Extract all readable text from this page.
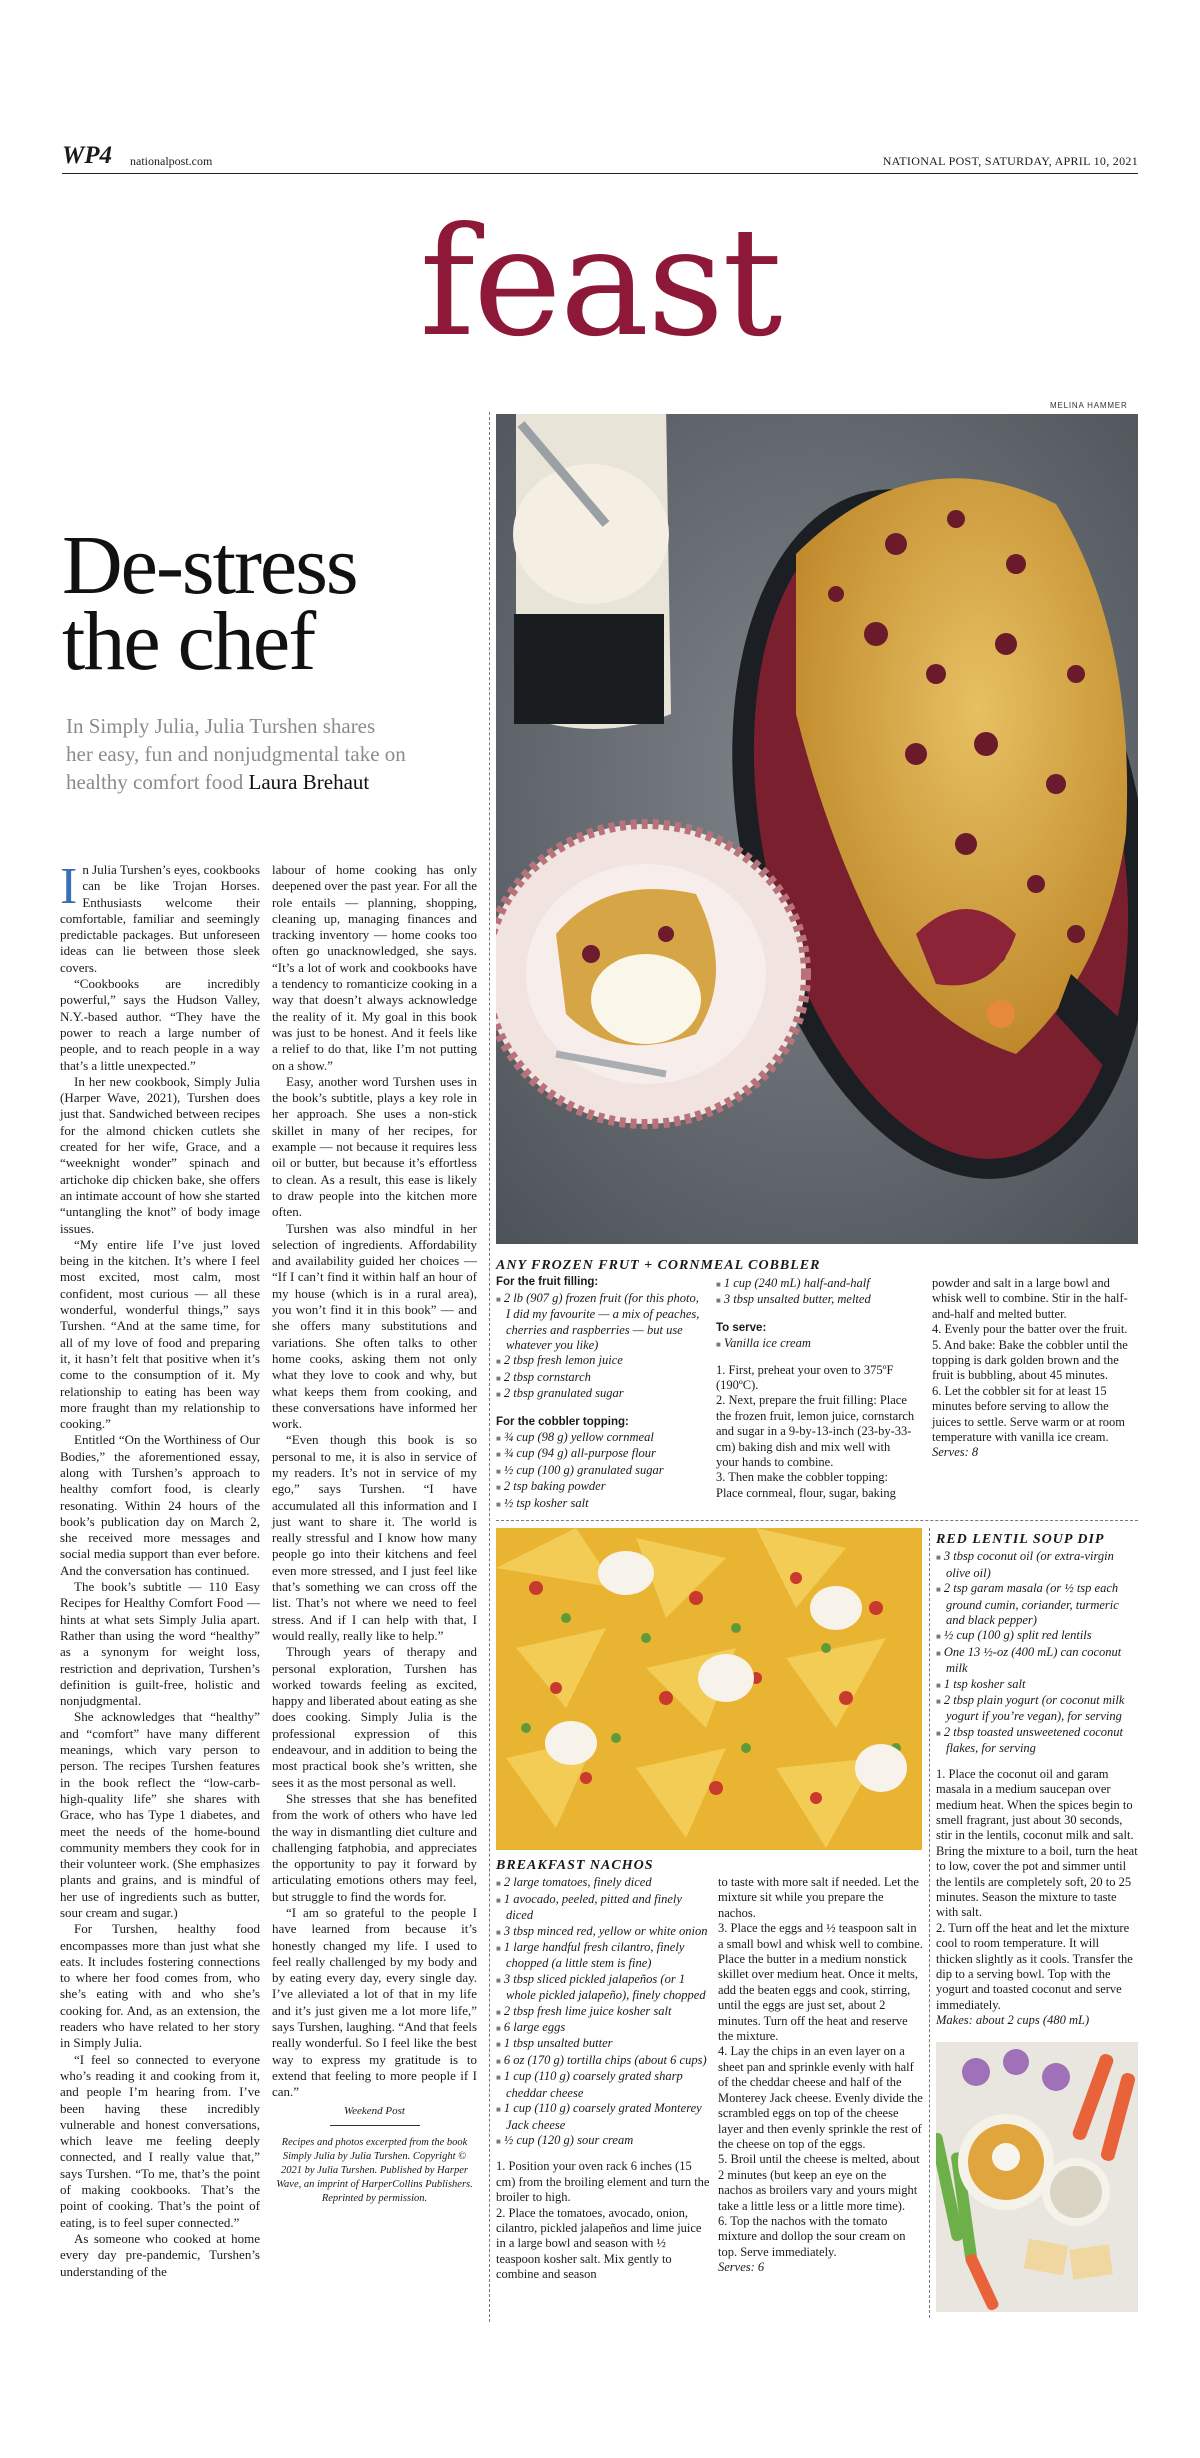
WP4 nationalpost.com	NATIONAL POST, SATURDAY, APRIL 10, 2021
feast
MELINA HAMMER
De-stress
the chef
In Simply Julia, Julia Turshen shares her easy, fun and nonjudgmental take on healthy comfort food Laura Brehaut

In Julia Turshen’s eyes, cookbooks can be like Trojan Horses. Enthusiasts welcome their comfortable, familiar and seemingly predictable packages. But unforeseen ideas can lie between those sleek covers.

“Cookbooks are incredibly powerful,” says the Hudson Valley, N.Y.-based author. “They have the power to reach a large number of people, and to reach people in a way that’s a little unexpected.”

In her new cookbook, Simply Julia (Harper Wave, 2021), Turshen does just that. Sandwiched between recipes for the almond chicken cutlets she created for her wife, Grace, and a “weeknight wonder” spinach and artichoke dip chicken bake, she offers an intimate account of how she started “untangling the knot” of body image issues.

“My entire life I’ve just loved being in the kitchen. It’s where I feel most excited, most calm, most confident, most curious — all these wonderful, wonderful things,” says Turshen. “And at the same time, for all of my love of food and preparing it, it hasn’t felt that positive when it’s come to the consumption of it. My relationship to eating has been way more fraught than my relationship to cooking.”

Entitled “On the Worthiness of Our Bodies,” the aforementioned essay, along with Turshen’s approach to healthy comfort food, is clearly resonating. Within 24 hours of the book’s publication day on March 2, she received more messages and social media support than ever before. And the conversation has continued.

The book’s subtitle — 110 Easy Recipes for Healthy Comfort Food — hints at what sets Simply Julia apart. Rather than using the word “healthy” as a synonym for weight loss, restriction and deprivation, Turshen’s definition is guilt-free, holistic and nonjudgmental.

She acknowledges that “healthy” and “comfort” have many different meanings, which vary person to person. The recipes Turshen features in the book reflect the “low-carb-high-quality life” she shares with Grace, who has Type 1 diabetes, and meet the needs of the home-bound community members they cook for in their volunteer work. (She emphasizes plants and grains, and is mindful of her use of ingredients such as butter, sour cream and sugar.)

For Turshen, healthy food encompasses more than just what she eats. It includes fostering connections to where her food comes from, who she’s eating with and who she’s cooking for. And, as an extension, the readers who have related to her story in Simply Julia.

“I feel so connected to everyone who’s reading it and cooking from it, and people I’m hearing from. I’ve been having these incredibly vulnerable and honest conversations, which leave me feeling deeply connected, and I really value that,” says Turshen. “To me, that’s the point of making cookbooks. That’s the point of cooking. That’s the point of eating, is to feel super connected.”

As someone who cooked at home every day pre-pandemic, Turshen’s understanding of the

labour of home cooking has only deepened over the past year. For all the role entails — planning, shopping, cleaning up, managing finances and tracking inventory — home cooks too often go unacknowledged, she says. “It’s a lot of work and cookbooks have a tendency to romanticize cooking in a way that doesn’t always acknowledge the reality of it. My goal in this book was just to be honest. And it feels like a relief to do that, like I’m not putting on a show.”

Easy, another word Turshen uses in the book’s subtitle, plays a key role in her approach. She uses a non-stick skillet in many of her recipes, for example — not because it requires less oil or butter, but because it’s effortless to clean. As a result, this ease is likely to draw people into the kitchen more often.

Turshen was also mindful in her selection of ingredients. Affordability and availability guided her choices — “If I can’t find it within half an hour of my house (which is in a rural area), you won’t find it in this book” — and she offers many substitutions and variations. She often talks to other home cooks, asking them not only what they love to cook and why, but what keeps them from cooking, and these conversations have informed her work.

“Even though this book is so personal to me, it is also in service of my readers. It’s not in service of my ego,” says Turshen. “I have accumulated all this information and I just want to share it. The world is really stressful and I know how many people go into their kitchens and feel even more stressed, and I just feel like that’s something we can cross off the list. That’s not where we need to feel stress. And if I can help with that, I would really, really like to help.”

Through years of therapy and personal exploration, Turshen has worked towards feeling as excited, happy and liberated about eating as she does cooking. Simply Julia is the professional expression of this endeavour, and in addition to being the most practical book she’s written, she sees it as the most personal as well.

She stresses that she has benefited from the work of others who have led the way in dismantling diet culture and challenging fatphobia, and appreciates the opportunity to pay it forward by articulating emotions others may feel, but struggle to find the words for.

“I am so grateful to the people I have learned from because it’s honestly changed my life. I used to feel really challenged by my body and by eating every day, every single day. I’ve alleviated a lot of that in my life and it’s just given me a lot more life,” says Turshen, laughing. “And that feels really wonderful. So I feel like the best way to express my gratitude is to extend that feeling to more people if I can.”

Weekend Post

Recipes and photos excerpted from the book Simply Julia by Julia Turshen. Copyright © 2021 by Julia Turshen. Published by Harper Wave, an imprint of HarperCollins Publishers. Reprinted by permission.

ANY FROZEN FRUT + CORNMEAL COBBLER
For the fruit filling:
■ 2 lb (907 g) frozen fruit (for this photo, I did my favourite — a mix of peaches, cherries and raspberries — but use whatever you like)
■ 2 tbsp fresh lemon juice
■ 2 tbsp cornstarch
■ 2 tbsp granulated sugar
For the cobbler topping:
■ ¾ cup (98 g) yellow cornmeal
■ ¾ cup (94 g) all-purpose flour
■ ½ cup (100 g) granulated sugar
■ 2 tsp baking powder
■ ½ tsp kosher salt
■ 1 cup (240 mL) half-and-half
■ 3 tbsp unsalted butter, melted
To serve:
■ Vanilla ice cream
1. First, preheat your oven to 375ºF (190ºC).
2. Next, prepare the fruit filling: Place the frozen fruit, lemon juice, cornstarch and sugar in a 9-by-13-inch (23-by-33-cm) baking dish and mix well with your hands to combine.
3. Then make the cobbler topping: Place cornmeal, flour, sugar, baking
powder and salt in a large bowl and whisk well to combine. Stir in the half-and-half and melted butter.
4. Evenly pour the batter over the fruit.
5. And bake: Bake the cobbler until the topping is dark golden brown and the fruit is bubbling, about 45 minutes.
6. Let the cobbler sit for at least 15 minutes before serving to allow the juices to settle. Serve warm or at room temperature with vanilla ice cream.
Serves: 8
BREAKFAST NACHOS
■ 2 large tomatoes, finely diced
■ 1 avocado, peeled, pitted and finely diced
■ 3 tbsp minced red, yellow or white onion
■ 1 large handful fresh cilantro, finely chopped (a little stem is fine)
■ 3 tbsp sliced pickled jalapeños (or 1 whole pickled jalapeño), finely chopped
■ 2 tbsp fresh lime juice kosher salt
■ 6 large eggs
■ 1 tbsp unsalted butter
■ 6 oz (170 g) tortilla chips (about 6 cups)
■ 1 cup (110 g) coarsely grated sharp cheddar cheese
■ 1 cup (110 g) coarsely grated Monterey Jack cheese
■ ½ cup (120 g) sour cream
1. Position your oven rack 6 inches (15 cm) from the broiling element and turn the broiler to high.
2. Place the tomatoes, avocado, onion, cilantro, pickled jalapeños and lime juice in a large bowl and season with ½ teaspoon kosher salt. Mix gently to combine and season
to taste with more salt if needed. Let the mixture sit while you prepare the nachos.
3. Place the eggs and ½ teaspoon salt in a small bowl and whisk well to combine. Place the butter in a medium nonstick skillet over medium heat. Once it melts, add the beaten eggs and cook, stirring, until the eggs are just set, about 2 minutes. Turn off the heat and reserve the mixture.
4. Lay the chips in an even layer on a sheet pan and sprinkle evenly with half of the cheddar cheese and half of the Monterey Jack cheese. Evenly divide the scrambled eggs on top of the cheese layer and then evenly sprinkle the rest of the cheese on top of the eggs.
5. Broil until the cheese is melted, about 2 minutes (but keep an eye on the nachos as broilers vary and yours might take a little less or a little more time).
6. Top the nachos with the tomato mixture and dollop the sour cream on top. Serve immediately.
Serves: 6
RED LENTIL SOUP DIP
■ 3 tbsp coconut oil (or extra-virgin olive oil)
■ 2 tsp garam masala (or ½ tsp each ground cumin, coriander, turmeric and black pepper)
■ ½ cup (100 g) split red lentils
■ One 13 ½-oz (400 mL) can coconut milk
■ 1 tsp kosher salt
■ 2 tbsp plain yogurt (or coconut milk yogurt if you’re vegan), for serving
■ 2 tbsp toasted unsweetened coconut flakes, for serving
1. Place the coconut oil and garam masala in a medium saucepan over medium heat. When the spices begin to smell fragrant, just about 30 seconds, stir in the lentils, coconut milk and salt. Bring the mixture to a boil, turn the heat to low, cover the pot and simmer until the lentils are completely soft, 20 to 25 minutes. Season the mixture to taste with salt.
2. Turn off the heat and let the mixture cool to room temperature. It will thicken slightly as it cools. Transfer the dip to a serving bowl. Top with the yogurt and toasted coconut and serve immediately.
Makes: about 2 cups (480 mL)
